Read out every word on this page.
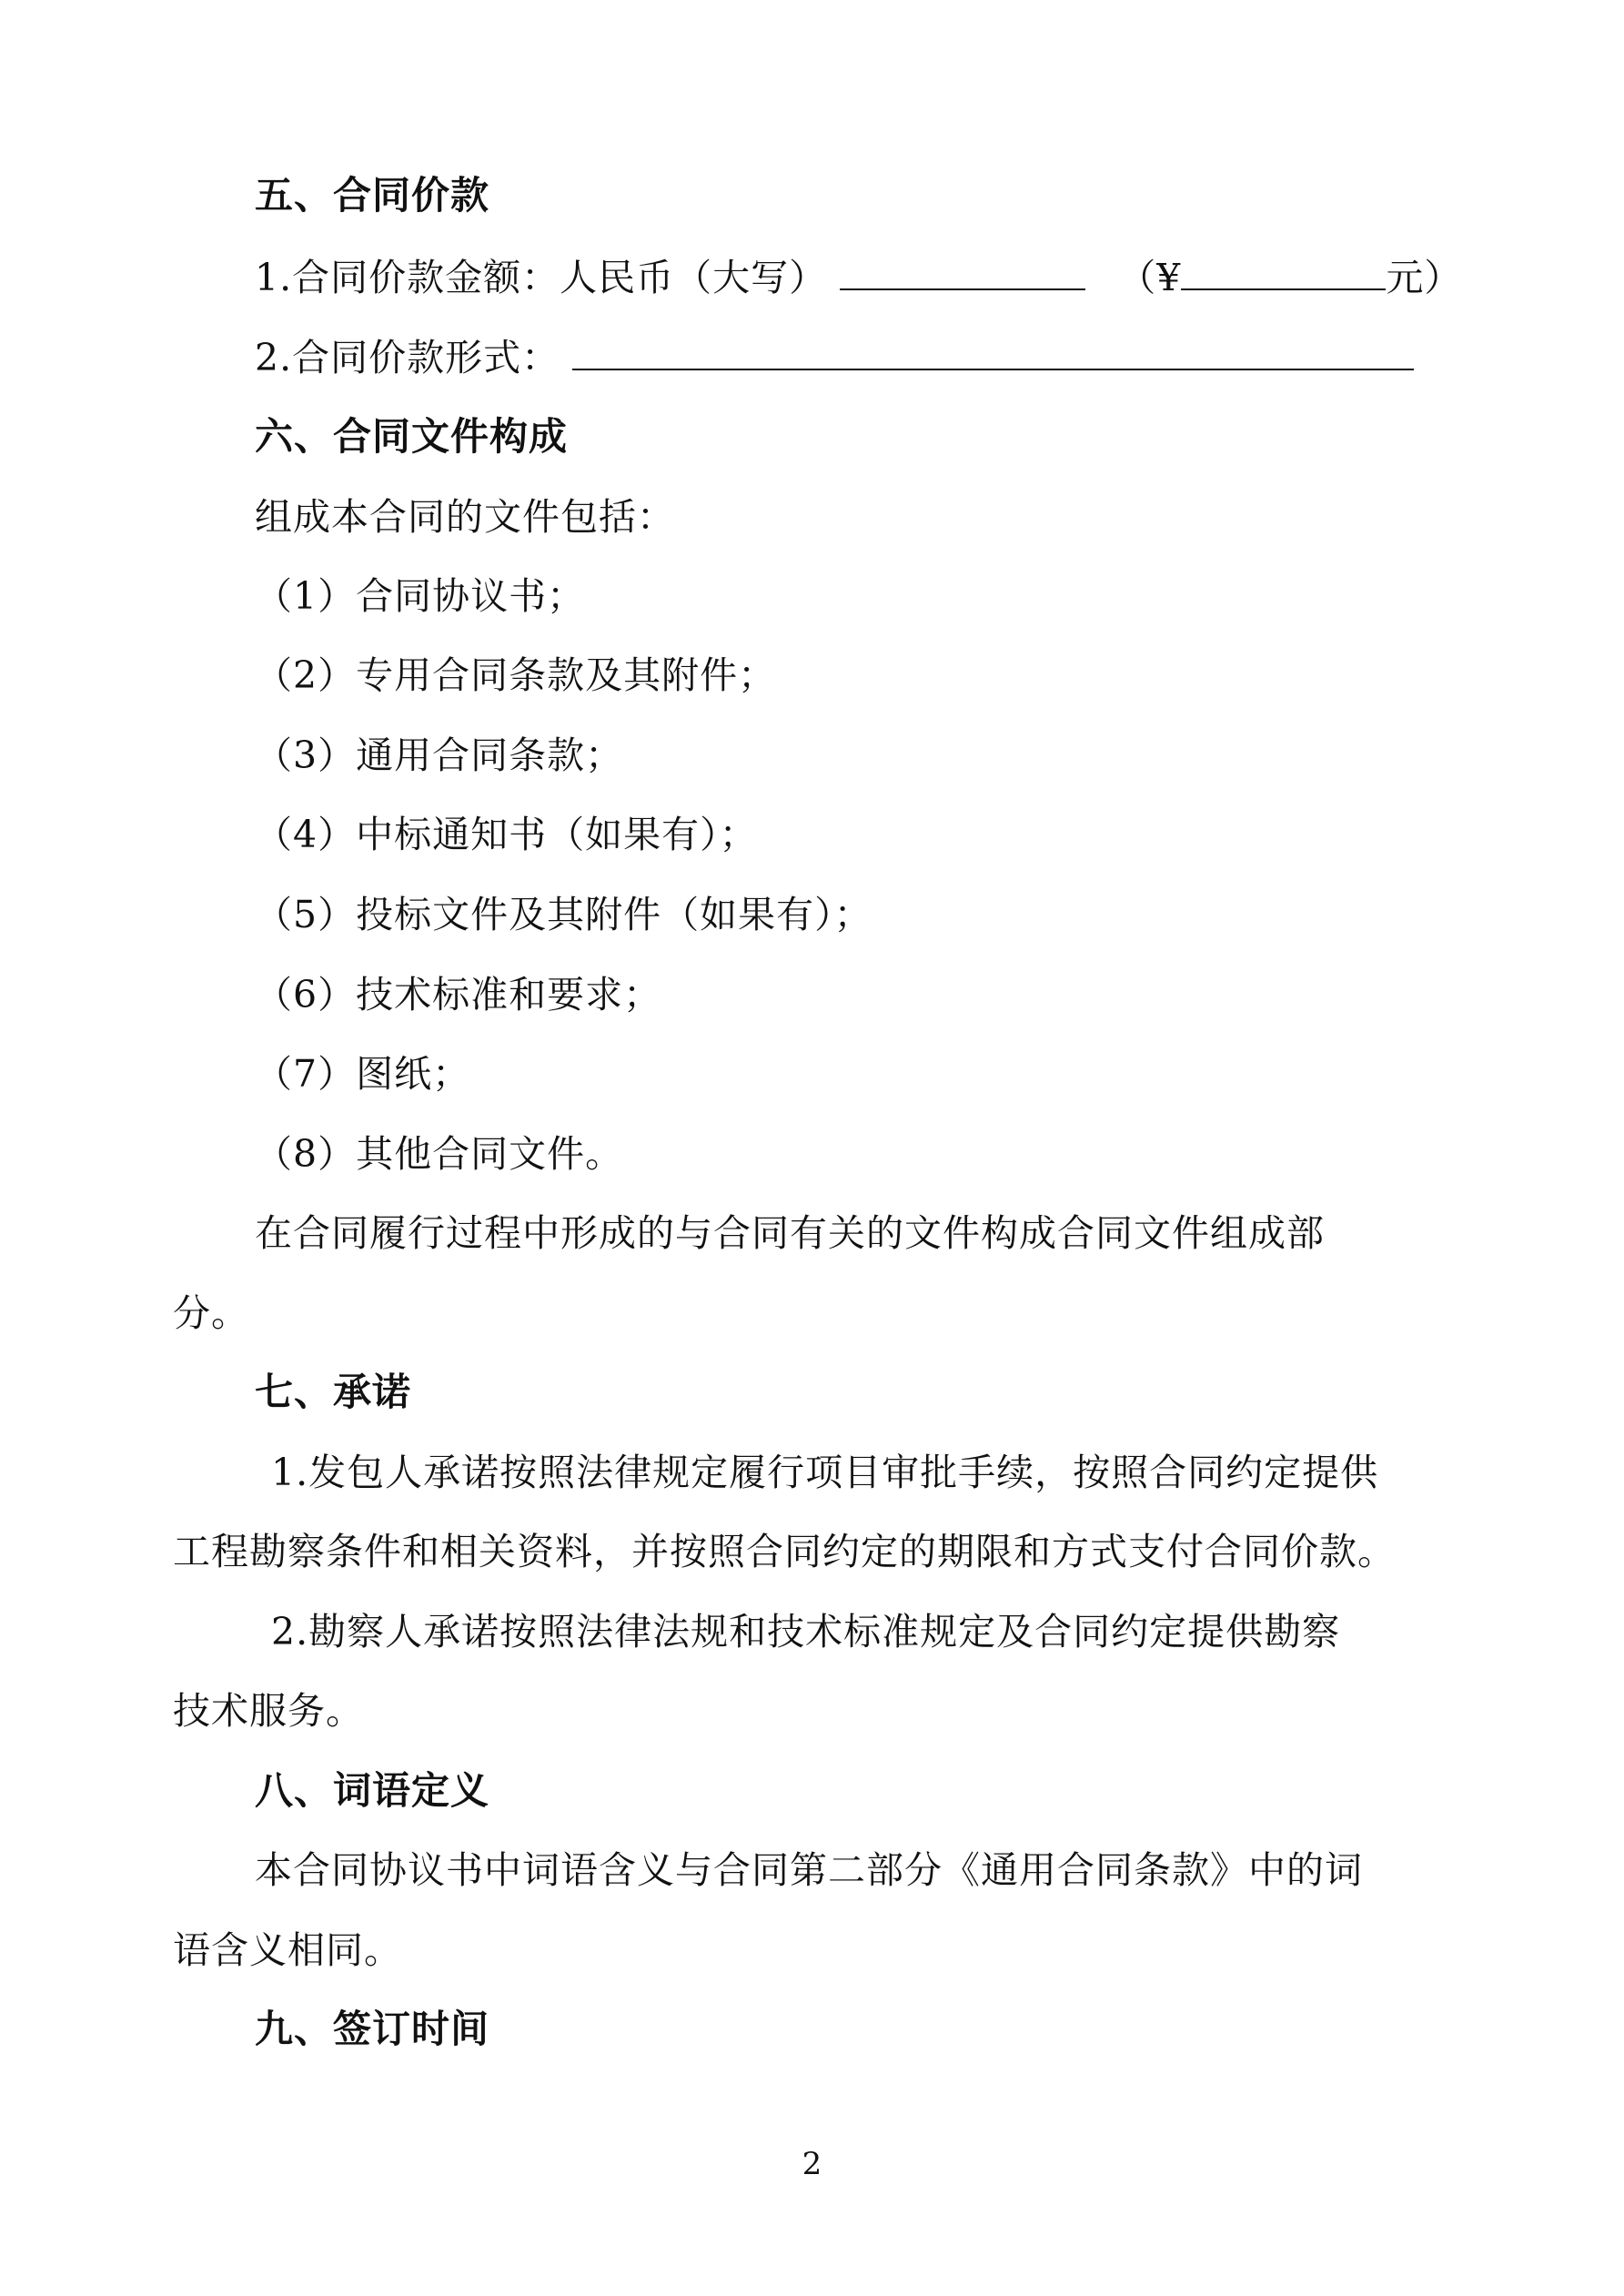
五、合同价款
1.合同价款金额：人民币（大写）	（¥	元）
2.合同价款形式：
六、合同文件构成
组成本合同的文件包括：
（1）合同协议书；
（2）专用合同条款及其附件；
（3）通用合同条款；
（4）中标通知书（如果有）；
（5）投标文件及其附件（如果有）；
（6）技术标准和要求；
（7）图纸；
（8）其他合同文件。
在合同履行过程中形成的与合同有关的文件构成合同文件组成部
分。
七、承诺
1.发包人承诺按照法律规定履行项目审批手续，按照合同约定提供
工程勘察条件和相关资料，并按照合同约定的期限和方式支付合同价款。
2.勘察人承诺按照法律法规和技术标准规定及合同约定提供勘察
技术服务。
八、词语定义
本合同协议书中词语含义与合同第二部分《通用合同条款》中的词
语含义相同。
九、签订时间
2
